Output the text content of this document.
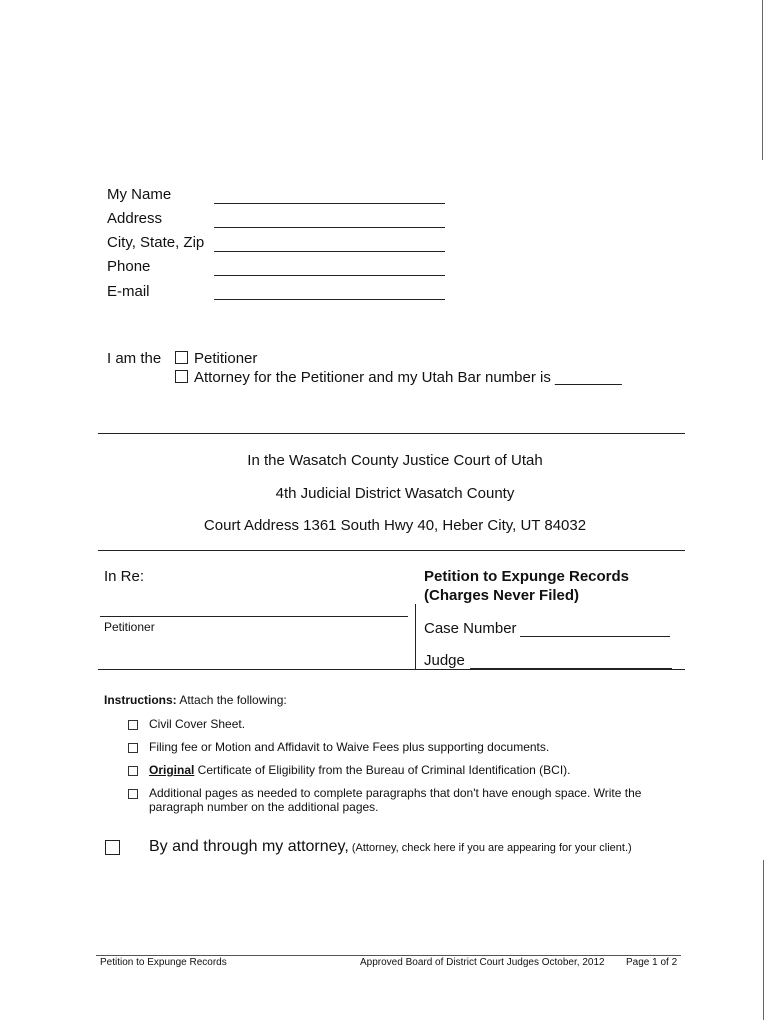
My Name
Address
City, State, Zip
Phone
E-mail
I am the Petitioner
Attorney for the Petitioner and my Utah Bar number is ________
In the Wasatch County Justice Court of Utah
4th Judicial District Wasatch County
Court Address 1361 South Hwy 40, Heber City, UT 84032
In Re:	Petition to Expunge Records
(Charges Never Filed)
Petitioner	Case Number
Judge
Instructions: Attach the following:
Civil Cover Sheet.
Filing fee or Motion and Affidavit to Waive Fees plus supporting documents.
Original Certificate of Eligibility from the Bureau of Criminal Identification (BCI).
Additional pages as needed to complete paragraphs that don't have enough space. Write the paragraph number on the additional pages.
By and through my attorney, (Attorney, check here if you are appearing for your client.)
Petition to Expunge Records	Approved Board of District Court Judges October, 2012 Page 1 of 2
